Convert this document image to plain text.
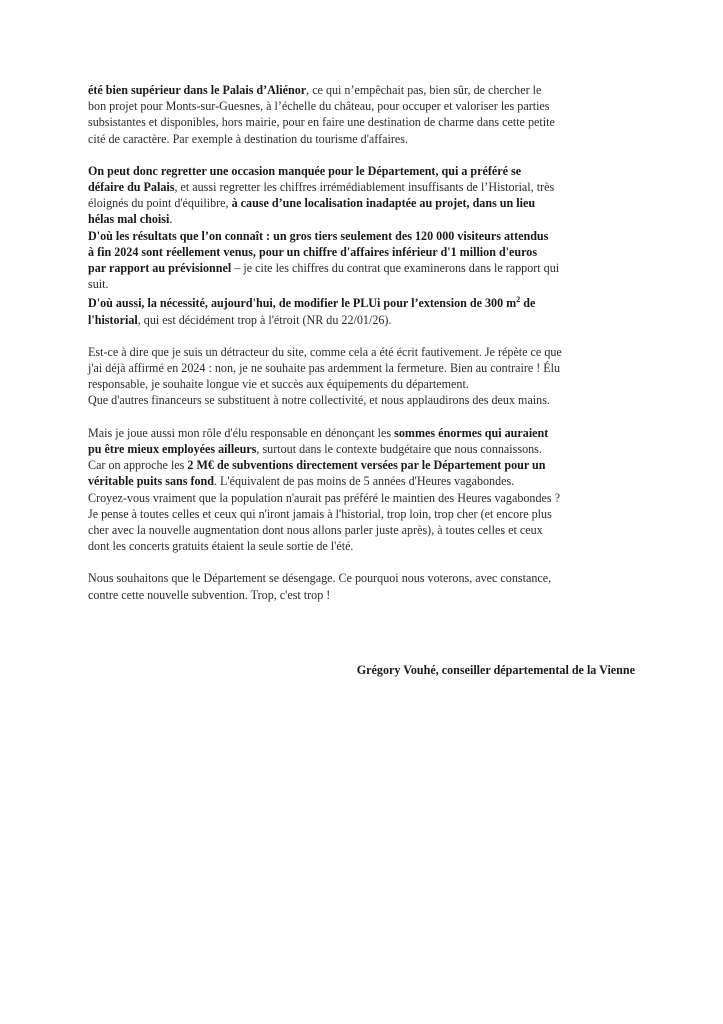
été bien supérieur dans le Palais d’Aliénor, ce qui n’empêchait pas, bien sûr, de chercher le
bon projet pour Monts-sur-Guesnes, à l’échelle du château, pour occuper et valoriser les parties
subsistantes et disponibles, hors mairie, pour en faire une destination de charme dans cette petite
cité de caractère. Par exemple à destination du tourisme d'affaires.
On peut donc regretter une occasion manquée pour le Département, qui a préféré se
défaire du Palais, et aussi regretter les chiffres irrémédiablement insuffisants de l’Historial, très
éloignés du point d'équilibre, à cause d’une localisation inadaptée au projet, dans un lieu
hélas mal choisi.
D'où les résultats que l’on connaît : un gros tiers seulement des 120 000 visiteurs attendus
à fin 2024 sont réellement venus, pour un chiffre d'affaires inférieur d'1 million d'euros
par rapport au prévisionnel – je cite les chiffres du contrat que examinerons dans le rapport qui
suit.
D'où aussi, la nécessité, aujourd'hui, de modifier le PLUi pour l’extension de 300 $m^2$ de
l'historial, qui est décidément trop à l'étroit (NR du 22/01/26).
Est-ce à dire que je suis un détracteur du site, comme cela a été écrit fautivement. Je répète ce que
j'ai déjà affirmé en 2024 : non, je ne souhaite pas ardemment la fermeture. Bien au contraire ! Élu
responsable, je souhaite longue vie et succès aux équipements du département.
Que d'autres financeurs se substituent à notre collectivité, et nous applaudirons des deux mains.
Mais je joue aussi mon rôle d'élu responsable en dénonçant les sommes énormes qui auraient
pu être mieux employées ailleurs, surtout dans le contexte budgétaire que nous connaissons.
Car on approche les 2 M€ de subventions directement versées par le Département pour un
véritable puits sans fond. L'équivalent de pas moins de 5 années d'Heures vagabondes.
Croyez-vous vraiment que la population n'aurait pas préféré le maintien des Heures vagabondes ?
Je pense à toutes celles et ceux qui n'iront jamais à l'historial, trop loin, trop cher (et encore plus
cher avec la nouvelle augmentation dont nous allons parler juste après), à toutes celles et ceux
dont les concerts gratuits étaient la seule sortie de l'été.
Nous souhaitons que le Département se désengage. Ce pourquoi nous voterons, avec constance,
contre cette nouvelle subvention. Trop, c'est trop !
Grégory Vouhé, conseiller départemental de la Vienne
